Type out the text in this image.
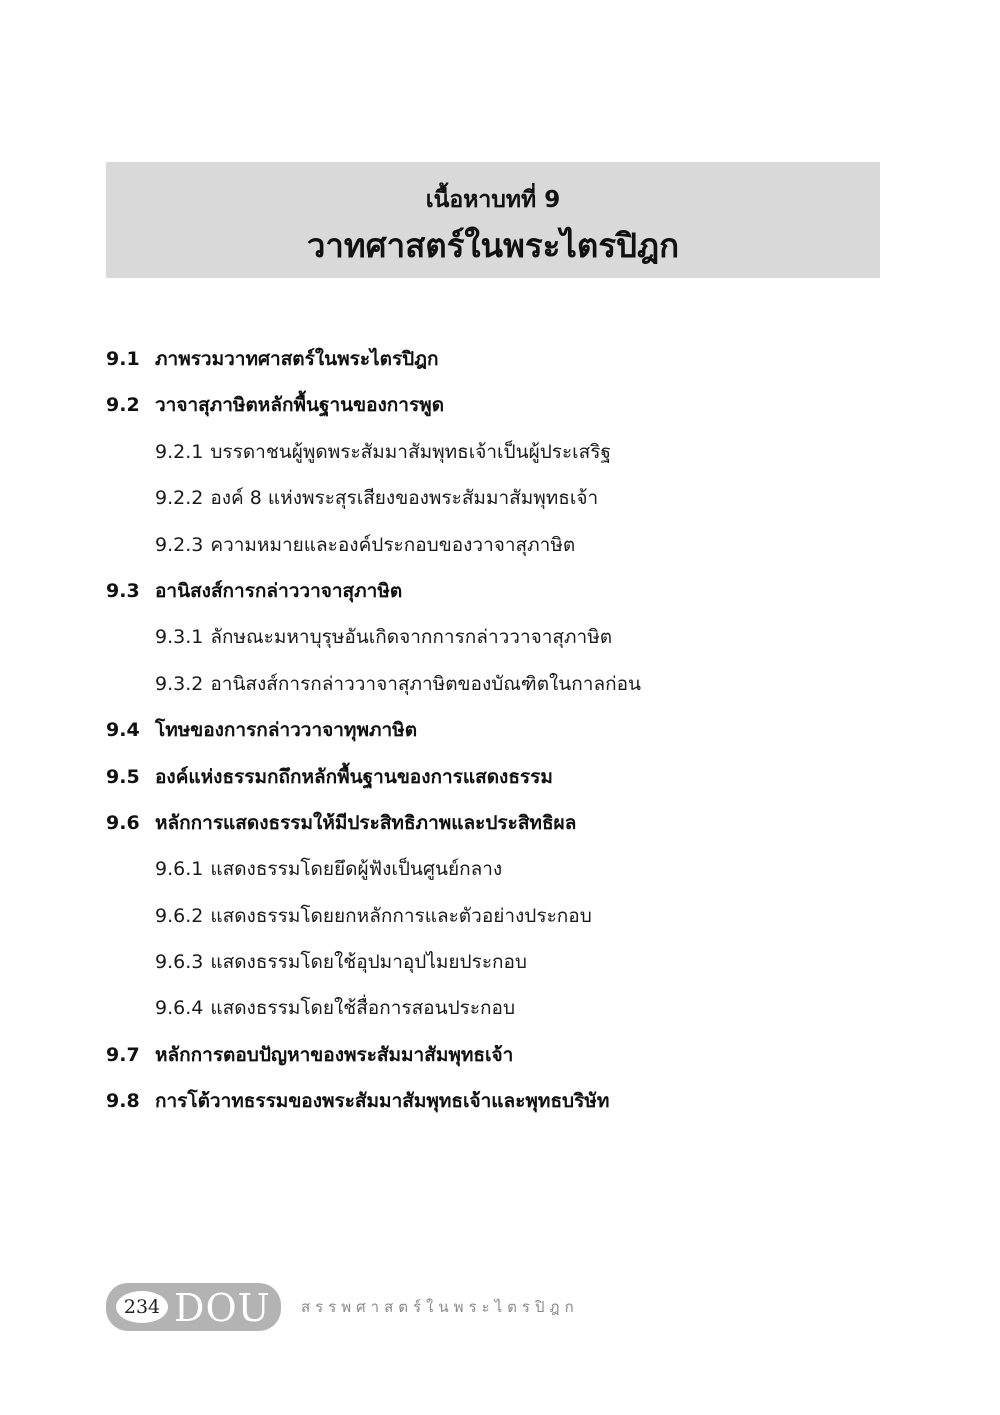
เนื้อหาบทที่ 9
วาทศาสตร์ในพระไตรปิฎก
9.1 ภาพรวมวาทศาสตร์ในพระไตรปิฎก
9.2 วาจาสุภาษิตหลักพื้นฐานของการพูด
9.2.1 บรรดาชนผู้พูดพระสัมมาสัมพุทธเจ้าเป็นผู้ประเสริฐ
9.2.2 องค์ 8 แห่งพระสุรเสียงของพระสัมมาสัมพุทธเจ้า
9.2.3 ความหมายและองค์ประกอบของวาจาสุภาษิต
9.3 อานิสงส์การกล่าววาจาสุภาษิต
9.3.1 ลักษณะมหาบุรุษอันเกิดจากการกล่าววาจาสุภาษิต
9.3.2 อานิสงส์การกล่าววาจาสุภาษิตของบัณฑิตในกาลก่อน
9.4 โทษของการกล่าววาจาทุพภาษิต
9.5 องค์แห่งธรรมกถึกหลักพื้นฐานของการแสดงธรรม
9.6 หลักการแสดงธรรมให้มีประสิทธิภาพและประสิทธิผล
9.6.1 แสดงธรรมโดยยึดผู้ฟังเป็นศูนย์กลาง
9.6.2 แสดงธรรมโดยยกหลักการและตัวอย่างประกอบ
9.6.3 แสดงธรรมโดยใช้อุปมาอุปไมยประกอบ
9.6.4 แสดงธรรมโดยใช้สื่อการสอนประกอบ
9.7 หลักการตอบปัญหาของพระสัมมาสัมพุทธเจ้า
9.8 การโต้วาทธรรมของพระสัมมาสัมพุทธเจ้าและพุทธบริษัท
234 DOU สรรพศาสตร์ในพระไตรปิฎก
